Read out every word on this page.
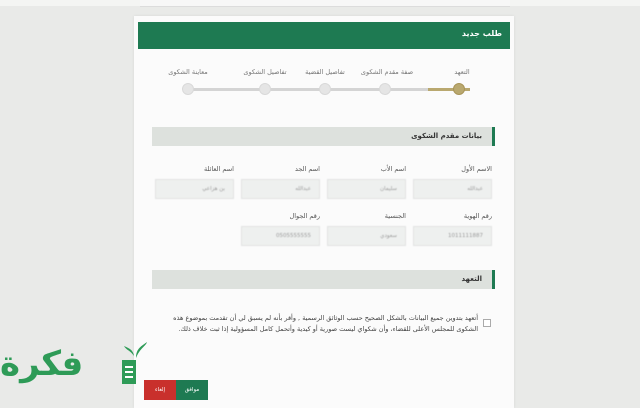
طلب جديد
التعهد
صفة مقدم الشكوى
تفاصيل القضية
تفاصيل الشكوى
معاينة الشكوى
بيانات مقدم الشكوى
الاسم الأول
اسم الأب
اسم الجد
اسم العائلة
عبدالله
سليمان
عبدالله
بن هزاعي
رقم الهوية
الجنسية
رقم الجوال
1011111887
سعودي
0505555555
التعهد
أتعهد بتدوين جميع البيانات بالشكل الصحيح حسب الوثائق الرسمية , وأقر بأنه لم يسبق لي أن تقدمت بموضوع هذه الشكوى للمجلس الأعلى للقضاء، وأن شكواي ليست صورية أو كيدية وأتحمل كامل المسؤولية إذا ثبت خلاف ذلك.
موافق
إلغاء
فكرة
